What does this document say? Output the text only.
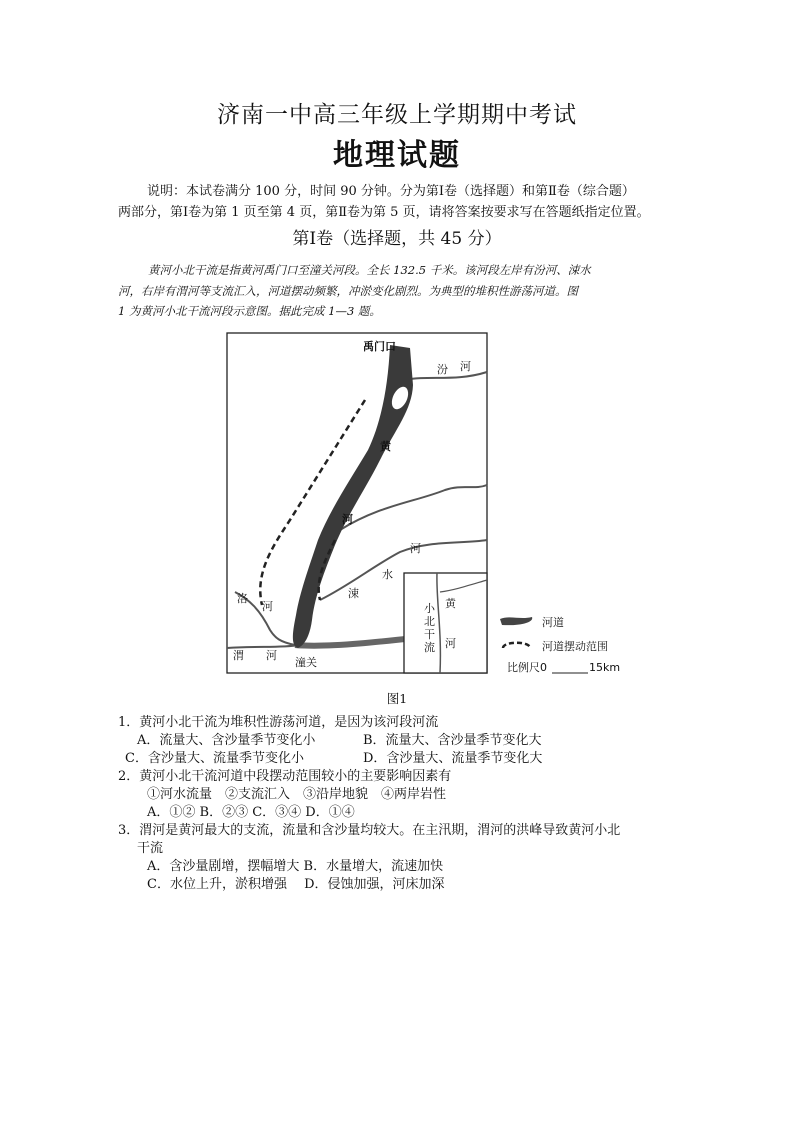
济南一中高三年级上学期期中考试
地理试题
说明：本试卷满分 100 分，时间 90 分钟。分为第Ⅰ卷（选择题）和第Ⅱ卷（综合题）
两部分，第Ⅰ卷为第 1 页至第 4 页，第Ⅱ卷为第 5 页，请将答案按要求写在答题纸指定位置。
第Ⅰ卷（选择题，共 45 分）
黄河小北干流是指黄河禹门口至潼关河段。全长 132.5 千米。该河段左岸有汾河、涑水
河，右岸有渭河等支流汇入，河道摆动频繁，冲淤变化剧烈。为典型的堆积性游荡河道。图
1 为黄河小北干流河段示意图。据此完成 1—3 题。
禹门口
汾 河
黄
河
河
水
涑
洛
河
渭 河
潼关
黄
河
小
北
干
流
河道
河道摆动范围
比例尺0	15km
图1
1．黄河小北干流为堆积性游荡河道，是因为该河段河流
A．流量大、含沙量季节变化小	B．流量大、含沙量季节变化大
C．含沙量大、流量季节变化小	D．含沙量大、流量季节变化大
2．黄河小北干流河道中段摆动范围较小的主要影响因素有
①河水流量　②支流汇入　③沿岸地貌　④两岸岩性
A．①② B．②③ C．③④ D．①④
3．渭河是黄河最大的支流，流量和含沙量均较大。在主汛期，渭河的洪峰导致黄河小北
干流
A．含沙量剧增，摆幅增大 B．水量增大，流速加快
C．水位上升，淤积增强　 D．侵蚀加强，河床加深
